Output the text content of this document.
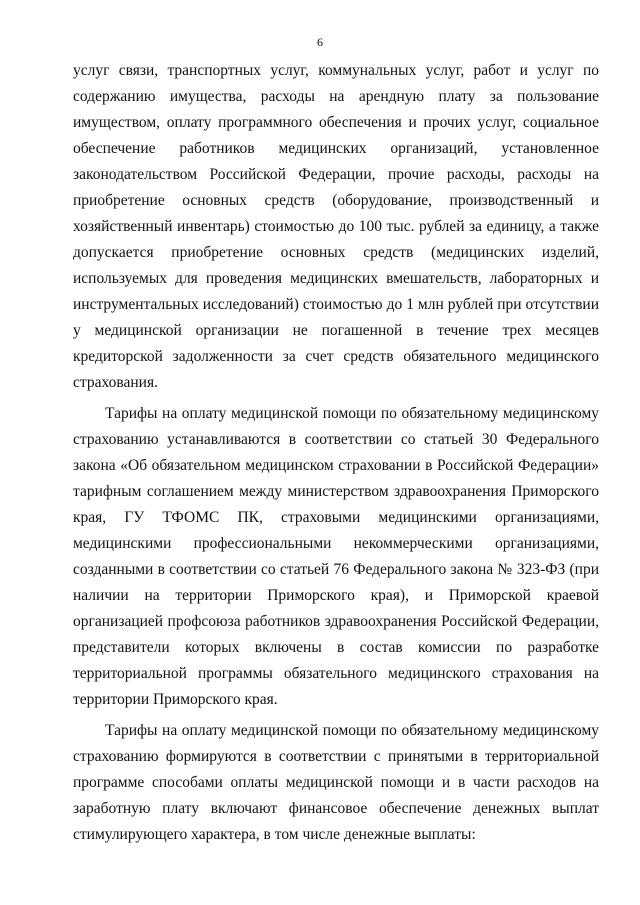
6
услуг связи, транспортных услуг, коммунальных услуг, работ и услуг по
содержанию имущества, расходы на арендную плату за пользование
имуществом, оплату программного обеспечения и прочих услуг, социальное
обеспечение работников медицинских организаций, установленное
законодательством Российской Федерации, прочие расходы, расходы на
приобретение основных средств (оборудование, производственный и
хозяйственный инвентарь) стоимостью до 100 тыс. рублей за единицу, а также
допускается приобретение основных средств (медицинских изделий,
используемых для проведения медицинских вмешательств, лабораторных и
инструментальных исследований) стоимостью до 1 млн рублей при отсутствии
у медицинской организации не погашенной в течение трех месяцев
кредиторской задолженности за счет средств обязательного медицинского
страхования.
Тарифы на оплату медицинской помощи по обязательному медицинскому
страхованию устанавливаются в соответствии со статьей 30 Федерального
закона «Об обязательном медицинском страховании в Российской Федерации»
тарифным соглашением между министерством здравоохранения Приморского
края, ГУ ТФОМС ПК, страховыми медицинскими организациями,
медицинскими профессиональными некоммерческими организациями,
созданными в соответствии со статьей 76 Федерального закона № 323-ФЗ (при
наличии на территории Приморского края), и Приморской краевой
организацией профсоюза работников здравоохранения Российской Федерации,
представители которых включены в состав комиссии по разработке
территориальной программы обязательного медицинского страхования на
территории Приморского края.
Тарифы на оплату медицинской помощи по обязательному медицинскому
страхованию формируются в соответствии с принятыми в территориальной
программе способами оплаты медицинской помощи и в части расходов на
заработную плату включают финансовое обеспечение денежных выплат
стимулирующего характера, в том числе денежные выплаты:
